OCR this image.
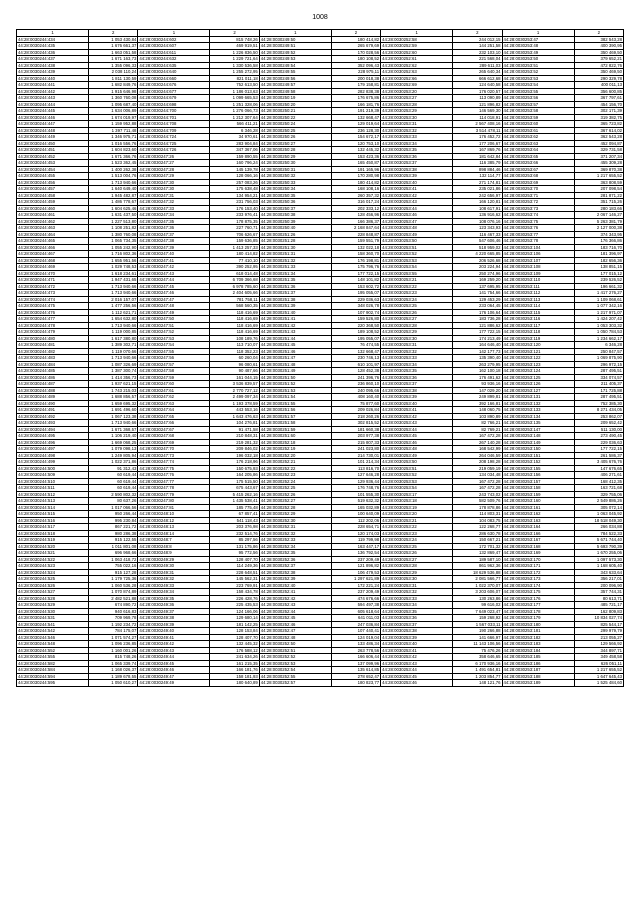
1008
1	2	1	2	1	2	1	2	1	2
44:28:0030244:434	1 053 430,84	44:28:0030244:602	815 748,26	44:28:0030249:50	180 414,82	44:28:0030252:58	244 012,15	44:28:0030253:47	382 543,28
44:28:0030244:435	1 676 661,37	44:28:0030244:607	469 919,51	44:28:0030249:51	265 679,69	44:28:0030252:59	144 251,58	44:28:0030253:48	400 390,95
44:28:0030244:436	1 663 051,58	44:28:0030244:611	1 226 836,50	44:28:0030249:52	170 028,56	44:28:0030252:60	232 103,10	44:28:0030253:49	350 469,50
44:28:0030244:437	1 671 163,73	44:28:0030244:632	1 229 721,64	44:28:0030249:53	180 108,52	44:28:0030252:61	221 568,04	44:28:0030253:50	379 652,21
44:28:0030244:438	1 355 096,33	44:28:0030244:635	1 330 536,58	44:28:0030249:54	352 096,43	44:28:0030252:62	289 611,03	44:28:0030253:51	472 822,76
44:28:0030244:439	2 038 110,24	44:28:0030244:640	1 255 272,95	44:28:0030249:55	228 975,11	44:28:0030252:63	265 640,34	44:28:0030253:52	350 469,50
44:28:0030244:440	1 811 130,59	44:28:0030244:660	821 011,18	44:28:0030249:56	200 018,38	44:28:0030252:66	666 612,68	44:28:0030253:53	290 329,78
44:28:0030244:441	1 682 849,76	44:28:0030244:676	752 613,50	44:28:0030249:57	179 158,81	44:28:0030252:69	124 640,58	44:28:0030253:54	400 011,13
44:28:0030244:442	1 915 646,98	44:28:0030244:677	1 186 013,63	44:28:0030249:58	282 838,38	44:28:0030253:20	176 020,57	44:28:0030253:55	356 600,85
44:28:0030244:443	1 360 760,08	44:28:0030244:679	1 099 665,53	44:28:0030250:19	176 675,86	44:28:0030253:27	113 090,89	44:28:0030253:56	367 797,61
44:28:0030244:444	1 095 687,40	44:28:0030244:698	1 251 328,06	44:28:0030250:20	166 181,76	44:28:0030253:28	121 896,82	44:28:0030253:57	454 156,70
44:28:0030244:445	1 634 006,89	44:28:0030244:700	1 276 066,73	44:28:0030250:21	191 219,39	44:28:0030253:29	146 569,30	44:28:0030253:58	302 171,39
44:28:0030244:446	1 674 019,97	44:28:0030244:701	1 212 307,64	44:28:0030250:22	132 668,47	44:28:0030253:30	114 018,91	44:28:0030253:59	319 382,75
44:28:0030244:447	1 159 952,88	44:28:0030244:708	566 411,21	44:28:0030250:24	129 019,64	44:28:0030253:31	2 567 408,16	44:28:0030253:60	365 723,82
44:28:0030244:448	1 397 711,48	44:28:0030244:709	6 346,28	44:28:0030250:25	236 128,30	44:28:0030253:32	3 514 478,11	44:28:0030253:61	367 614,02
44:28:0030244:449	1 346 975,71	44:28:0030244:724	34 970,61	44:28:0030250:26	154 672,17	44:28:0030253:33	176 452,72	44:28:0030253:62	362 543,28
44:28:0030244:450	1 016 556,76	44:28:0030244:725	283 904,84	44:28:0030250:27	120 753,10	44:28:0030253:34	177 206,67	44:28:0030253:63	452 094,87
44:28:0030244:451	1 604 823,60	44:28:0030244:726	347 367,06	44:28:0030250:28	132 445,32	44:28:0030253:35	167 869,76	44:28:0030253:64	329 731,58
44:28:0030244:452	1 671 366,76	44:28:0030247:26	159 890,55	44:28:0030250:29	153 423,36	44:28:0030253:36	181 642,84	44:28:0030253:65	371 207,34
44:28:0030244:453	1 523 362,45	44:28:0030247:27	160 796,24	44:28:0030250:30	165 450,87	44:28:0030253:37	116 385,79	44:28:0030253:66	455 309,28
44:28:0030244:454	1 400 262,38	44:28:0030247:28	145 139,78	44:28:0030250:31	191 165,96	44:28:0030253:38	898 884,46	44:28:0030253:67	369 870,38
44:28:0030244:455	1 513 004,76	44:28:0030247:29	128 066,16	44:28:0030250:32	170 280,98	44:28:0030253:39	132 114,77	44:28:0030253:68	1 217 655,52
44:28:0030244:456	1 713 940,66	44:28:0030247:30	257 083,26	44:28:0030250:33	180 414,82	44:28:0030253:40	271 174,81	44:28:0030253:69	363 808,59
44:28:0030244:457	1 640 649,40	44:28:0030247:30	175 638,48	44:28:0030250:34	168 108,16	44:28:0030253:41	235 021,86	44:28:0030253:70	207 098,54
44:28:0030244:458	1 945 482,87	44:28:0030247:31	134 954,21	44:28:0030250:35	260 357,32	44:28:0030253:42	242 656,97	44:28:0030253:71	281 871,22
44:28:0030244:459	1 486 778,67	44:28:0030247:32	231 756,03	44:28:0030250:36	316 017,24	44:28:0030253:43	166 120,81	44:28:0030253:72	351 715,26
44:28:0030244:460	1 604 625,46	44:28:0030247:33	176 153,40	44:28:0030250:37	202 333,12	44:28:0030253:44	108 617,91	44:28:0030253:73	280 183,66
44:28:0030244:461	1 631 437,50	44:28:0030247:34	233 976,41	44:28:0030250:38	128 456,96	44:28:0030253:46	136 916,62	44:28:0030253:74	2 067 146,27
44:28:0030244:462	1 227 513,80	44:28:0030247:35	178 875,35	44:28:0030250:39	166 386,37	44:28:0030253:47	108 076,16	44:28:0030253:75	5 263 381,79
44:28:0030244:463	1 108 251,82	44:28:0030247:36	227 760,71	44:28:0030250:40	2 168 847,64	44:28:0030253:48	123 343,93	44:28:0030253:76	2 127 000,38
44:28:0030244:464	1 380 760,08	44:28:0030247:37	706 626,67	44:28:0030251:26	228 848,87	44:28:0030253:49	116 467,33	44:28:0030253:77	374 343,95
44:28:0030244:465	1 065 734,35	44:28:0030247:38	159 636,85	44:28:0030251:28	159 551,79	44:28:0030253:50	547 606,46	44:28:0030253:78	176 366,86
44:28:0030244:466	1 055 242,90	44:28:0030247:39	1 413 257,33	44:28:0030251:30	132 022,18	44:28:0030253:51	518 959,02	44:28:0030253:104	183 716,70
44:28:0030244:467	1 716 802,36	44:28:0030247:40	180 414,82	44:28:0030251:31	158 360,70	44:28:0030253:52	4 220 665,85	44:28:0030253:106	181 396,97
44:28:0030244:468	1 655 951,56	44:28:0030247:41	77 410,10	44:28:0030251:32	176 198,81	44:28:0030253:53	206 526,68	44:28:0030253:107	182 656,36
44:28:0030244:469	1 029 748,53	44:28:0030247:42	390 252,95	44:28:0030251:33	175 796,76	44:28:0030253:54	203 224,94	44:28:0030253:108	138 851,15
44:28:0030244:470	1 618 234,61	44:28:0030247:43	618 014,48	44:28:0030251:34	177 722,15	44:28:0030253:55	250 274,96	44:28:0030253:109	177 015,12
44:28:0030244:471	1 947 431,65	44:28:0030247:44	6 709 366,68	44:28:0030251:35	148 101,82	44:28:0030253:21	169 259,20	44:28:0030253:110	239 526,52
44:28:0030244:472	1 713 940,66	44:28:0030247:45	6 978 785,60	44:28:0030251:36	153 602,72	44:28:0030253:22	137 695,95	44:28:0030253:111	196 661,32
44:28:0030244:473	1 713 940,66	44:28:0030247:46	2 404 605,66	44:28:0030251:37	195 055,07	44:28:0030253:23	141 754,66	44:28:0030253:112	1 417 276,27
44:28:0030244:474	2 016 157,07	44:28:0030247:47	781 758,11	44:28:0030251:38	229 036,63	44:28:0030253:24	129 453,29	44:28:0030253:113	1 109 068,61
44:28:0030244:475	1 477 256,56	44:28:0030247:48	568 560,35	44:28:0030251:39	348 026,78	44:28:0030253:25	233 064,45	44:28:0030253:114	1 077 342,16
44:28:0030244:476	1 112 621,71	44:28:0030247:49	118 416,69	44:28:0030251:40	107 902,74	44:28:0030253:26	176 106,64	44:28:0030253:115	1 217 971,07
44:28:0030244:477	1 654 632,80	44:28:0030247:50	118 416,69	44:28:0030251:41	159 526,80	44:28:0030253:27	183 736,28	44:28:0030253:116	1 424 207,42
44:28:0030244:478	1 713 940,66	44:28:0030247:51	118 416,69	44:28:0030251:42	220 368,50	44:28:0030253:28	121 886,62	44:28:0030253:117	1 053 303,32
44:28:0030244:479	1 119 000,85	44:28:0030247:52	118 416,69	44:28:0030251:43	189 108,52	44:28:0030253:29	177 722,15	44:28:0030253:118	1 050 784,53
44:28:0030244:480	1 617 380,80	44:28:0030247:53	108 189,76	44:28:0030251:44	195 055,07	44:28:0030253:30	174 213,49	44:28:0030253:119	1 234 662,17
44:28:0030244:481	1 389 302,71	44:28:0030247:54	113 710,07	44:28:0030251:45	76 474,55	44:28:0030253:31	164 646,40	44:28:0030253:120	6 346,28
44:28:0030244:482	1 119 070,66	44:28:0030247:55	118 352,23	44:28:0030251:46	132 668,47	44:28:0030253:32	142 177,73	44:28:0030253:121	250 847,57
44:28:0030244:483	1 713 940,66	44:28:0030247:56	60 260,04	44:28:0030251:47	230 746,13	44:28:0030253:33	135 390,40	44:28:0030253:122	1 069 875,90
44:28:0030244:484	1 087 326,69	44:28:0030247:57	96 080,61	44:28:0030251:48	610 101,97	44:28:0030253:34	263 279,95	44:28:0030253:123	296 972,15
44:28:0030244:485	1 387 300,74	44:28:0030247:58	90 487,66	44:28:0030251:49	128 452,38	44:28:0030253:35	162 100,18	44:28:0030253:124	287 495,51
44:28:0030244:486	1 414 356,73	44:28:0030247:59	161 044,15	44:28:0030251:50	241 396,76	44:28:0030253:36	176 491,62	44:28:0030253:125	334 074,57
44:28:0030244:487	1 937 621,15	44:28:0030247:60	3 536 839,57	44:28:0030251:52	236 860,10	44:28:0030253:37	93 936,16	44:28:0030253:126	211 405,37
44:28:0030244:488	1 743 215,03	44:28:0030247:61	2 770 727,12	44:28:0030251:53	240 095,66	44:28:0030253:38	147 029,20	44:28:0030253:127	171 725,88
44:28:0030244:489	1 688 856,57	44:28:0030247:62	2 499 097,34	44:28:0030251:54	408 160,40	44:28:0030253:39	249 899,81	44:28:0030253:131	287 495,51
44:28:0030244:490	1 659 695,32	44:28:0030247:63	1 193 378,59	44:28:0030251:55	75 877,60	44:28:0030253:40	392 166,81	44:28:0030253:132	752 385,30
44:28:0030244:491	1 691 496,60	44:28:0030247:64	443 553,16	44:28:0030251:56	209 026,84	44:28:0030253:41	148 060,75	44:28:0030253:133	8 271 434,05
44:28:0030244:492	1 067 123,38	44:28:0030247:65	1 643 476,63	44:28:0030251:57	218 260,26	44:28:0030253:42	103 890,89	44:28:0030253:134	253 862,07
44:28:0030244:493	1 713 940,66	44:28:0030247:66	104 276,81	44:28:0030251:58	302 815,52	44:28:0030253:43	82 766,21	44:28:0030253:135	209 652,42
44:28:0030244:494	1 671 368,57	44:28:0030247:67	91 471,58	44:28:0030251:59	181 660,38	44:28:0030253:44	82 769,21	44:28:0030253:147	511 130,00
44:28:0030244:495	1 106 219,40	44:28:0030247:68	210 848,31	44:28:0030251:60	203 977,38	44:28:0030253:45	167 472,28	44:28:0030253:148	273 490,45
44:28:0030244:496	1 669 068,25	44:28:0030247:69	219 281,32	44:28:0030252:18	215 807,33	44:28:0030253:46	267 140,28	44:28:0030253:149	229 036,63
44:28:0030244:497	1 079 098,13	44:28:0030247:70	209 846,02	44:28:0030252:19	241 023,80	44:28:0030253:48	168 542,99	44:28:0030253:150	177 722,15
44:28:0030244:498	1 249 805,94	44:28:0030247:73	196 032,18	44:28:0030252:20	214 730,01	44:28:0030253:49	264 046,59	44:28:0030253:151	261 586,37
44:28:0030244:499	1 022 371,86	44:28:0030247:74	176 218,96	44:28:0030252:21	101 214,34	44:28:0030253:50	208 198,28	44:28:0030253:152	3 405 676,76
44:28:0030244:500	91 312,43	44:28:0030247:75	150 675,93	44:28:0030252:22	113 816,70	44:28:0030253:51	219 059,19	44:28:0030253:155	147 676,65
44:28:0030244:509	60 619,44	44:28:0030247:76	164 205,86	44:28:0030252:23	127 646,28	44:28:0030253:52	134 034,48	44:28:0030253:156	406 271,61
44:28:0030244:510	60 619,44	44:28:0030247:77	175 515,50	44:28:0030252:24	129 936,44	44:28:0030253:53	167 472,28	44:28:0030253:157	168 412,35
44:28:0030244:511	60 619,44	44:28:0030247:78	675 443,67	44:28:0030252:25	176 748,76	44:28:0030253:54	167 472,28	44:28:0030253:158	163 721,68
44:28:0030244:512	2 590 802,32	44:28:0030247:79	5 415 262,16	44:28:0030252:26	101 555,30	44:28:0030253:17	243 743,02	44:28:0030253:159	329 755,06
44:28:0030244:513	80 637,26	44:28:0030247:80	1 435 538,41	44:28:0030252:27	519 632,32	44:28:0030253:18	582 509,76	44:28:0030253:160	2 549 886,26
44:28:0030244:514	1 017 066,56	44:28:0030247:81	185 775,48	44:28:0030252:28	165 032,89	44:28:0030253:19	178 878,86	44:28:0030253:161	305 072,14
44:28:0030244:515	950 266,44	44:28:0030248:10	67 857,41	44:28:0030252:29	100 640,09	44:28:0030253:20	114 803,31	44:28:0030253:162	1 063 045,92
44:28:0030244:516	995 230,84	44:28:0030248:12	541 118,43	44:28:0030252:30	112 202,06	44:28:0030253:21	104 083,75	44:28:0030253:163	18 518 049,30
44:28:0030244:517	867 221,72	44:28:0030248:13	203 376,98	44:28:0030252:31	228 654,71	44:28:0030253:22	122 268,77	44:28:0030253:164	266 034,88
44:28:0030244:518	980 286,38	44:28:0030248:14	232 514,76	44:28:0030252:32	120 174,03	44:28:0030253:23	286 630,78	44:28:0030253:166	784 522,33
44:28:0030244:519	915 122,55	44:28:0030248:7	85 297,56	44:28:0030252:33	119 799,98	44:28:0030253:24	150 667,21	44:28:0030253:167	5 671 744,40
44:28:0030244:520	1 011 801,08	44:28:0030248:8	131 175,86	44:28:0030252:34	163 447,17	44:28:0030253:25	172 701,32	44:28:0030253:168	5 693 790,39
44:28:0030244:521	696 968,66	44:28:0030248:9	95 772,56	44:28:0030252:35	136 792,54	44:28:0030253:26	132 869,47	44:28:0030253:169	1 670 255,06
44:28:0030244:522	1 063 418,72	44:28:0030249:29	128 407,70	44:28:0030252:36	237 209,49	44:28:0030253:27	189 587,10	44:28:0030253:170	1 097 573,30
44:28:0030244:523	755 022,16	44:28:0030249:30	114 249,36	44:28:0030252:37	121 896,82	44:28:0030253:28	861 962,36	44:28:0030253:171	1 168 605,40
44:28:0030244:524	915 127,28	44:28:0030249:31	228 648,51	44:28:0030252:38	106 479,53	44:28:0030253:29	18 629 536,88	44:28:0030253:172	343 633,64
44:28:0030244:525	1 179 725,36	44:28:0030249:32	145 562,31	44:28:0030252:39	1 297 621,89	44:28:0030253:30	2 081 566,77	44:28:0030253:173	356 217,01
44:28:0030244:526	1 060 536,28	44:28:0030249:33	223 769,91	44:28:0030252:40	172 221,24	44:28:0030253:31	1 022 370,07	44:28:0030253:174	200 096,90
44:28:0030244:527	1 070 874,89	44:28:0030249:34	158 434,78	44:28:0030252:41	237 209,49	44:28:0030253:32	3 203 606,07	44:28:0030253:175	357 744,31
44:28:0030244:528	2 482 521,88	44:28:0030249:35	226 428,76	44:28:0030252:42	474 676,66	44:28:0030253:33	130 263,86	44:28:0030253:176	80 613,71
44:28:0030244:529	674 890,72	44:28:0030249:36	225 435,53	44:28:0030252:43	594 497,38	44:28:0030253:34	99 616,02	44:28:0030253:177	485 721,17
44:28:0030244:530	940 616,83	44:28:0030249:37	124 166,06	44:28:0030252:44	605 618,64	44:28:0030253:35	7 649 023,47	44:28:0030253:178	162 809,83
44:28:0030244:531	709 969,78	44:28:0030249:38	129 680,14	44:28:0030252:45	641 011,03	44:28:0030253:36	159 268,92	44:28:0030253:179	10 834 027,74
44:28:0030244:541	1 192 234,72	44:28:0030249:39	181 142,25	44:28:0030252:46	247 036,84	44:28:0030253:37	1 567 033,11	44:28:0030253:180	825 544,17
44:28:0030244:542	784 175,07	44:28:0030249:40	128 153,84	44:28:0030252:47	107 440,41	44:28:0030253:38	190 266,88	44:28:0030253:181	299 979,79
44:28:0030244:546	1 071 574,27	44:28:0030249:41	128 407,70	44:28:0030252:48	124 019,04	44:28:0030253:39	141 666,97	44:28:0030253:182	213 055,27
44:28:0030244:548	1 096 236,85	44:28:0030249:42	132 445,32	44:28:0030252:50	133 486,34	44:28:0030253:40	11 143 106,56	44:28:0030253:183	129 566,92
44:28:0030244:552	1 160 001,26	44:28:0030249:43	176 588,12	44:28:0030252:51	263 778,56	44:28:0030253:41	75 476,26	44:28:0030253:184	344 897,71
44:28:0030244:555	815 748,26	44:28:0030249:44	241 634,26	44:28:0030252:52	166 606,44	44:28:0030253:42	358 646,65	44:28:0030253:185	349 458,58
44:28:0030244:582	1 065 339,74	44:28:0030249:45	161 215,35	44:28:0030252:53	137 099,96	44:28:0030253:43	6 170 936,16	44:28:0030253:186	626 051,11
44:28:0030244:584	1 168 026,37	44:28:0030249:46	166 181,76	44:28:0030252:54	135 614,85	44:28:0030253:44	1 491 654,81	44:28:0030253:187	1 217 655,52
44:28:0030244:594	1 189 678,55	44:28:0030249:47	158 181,93	44:28:0030252:55	278 652,47	44:28:0030253:45	1 203 854,77	44:28:0030253:188	1 647 645,43
44:28:0030244:595	1 050 610,27	44:28:0030249:49	180 640,89	44:28:0030252:57	180 823,77	44:28:0030253:46	148 121,76	44:28:0030253:189	1 525 484,60
